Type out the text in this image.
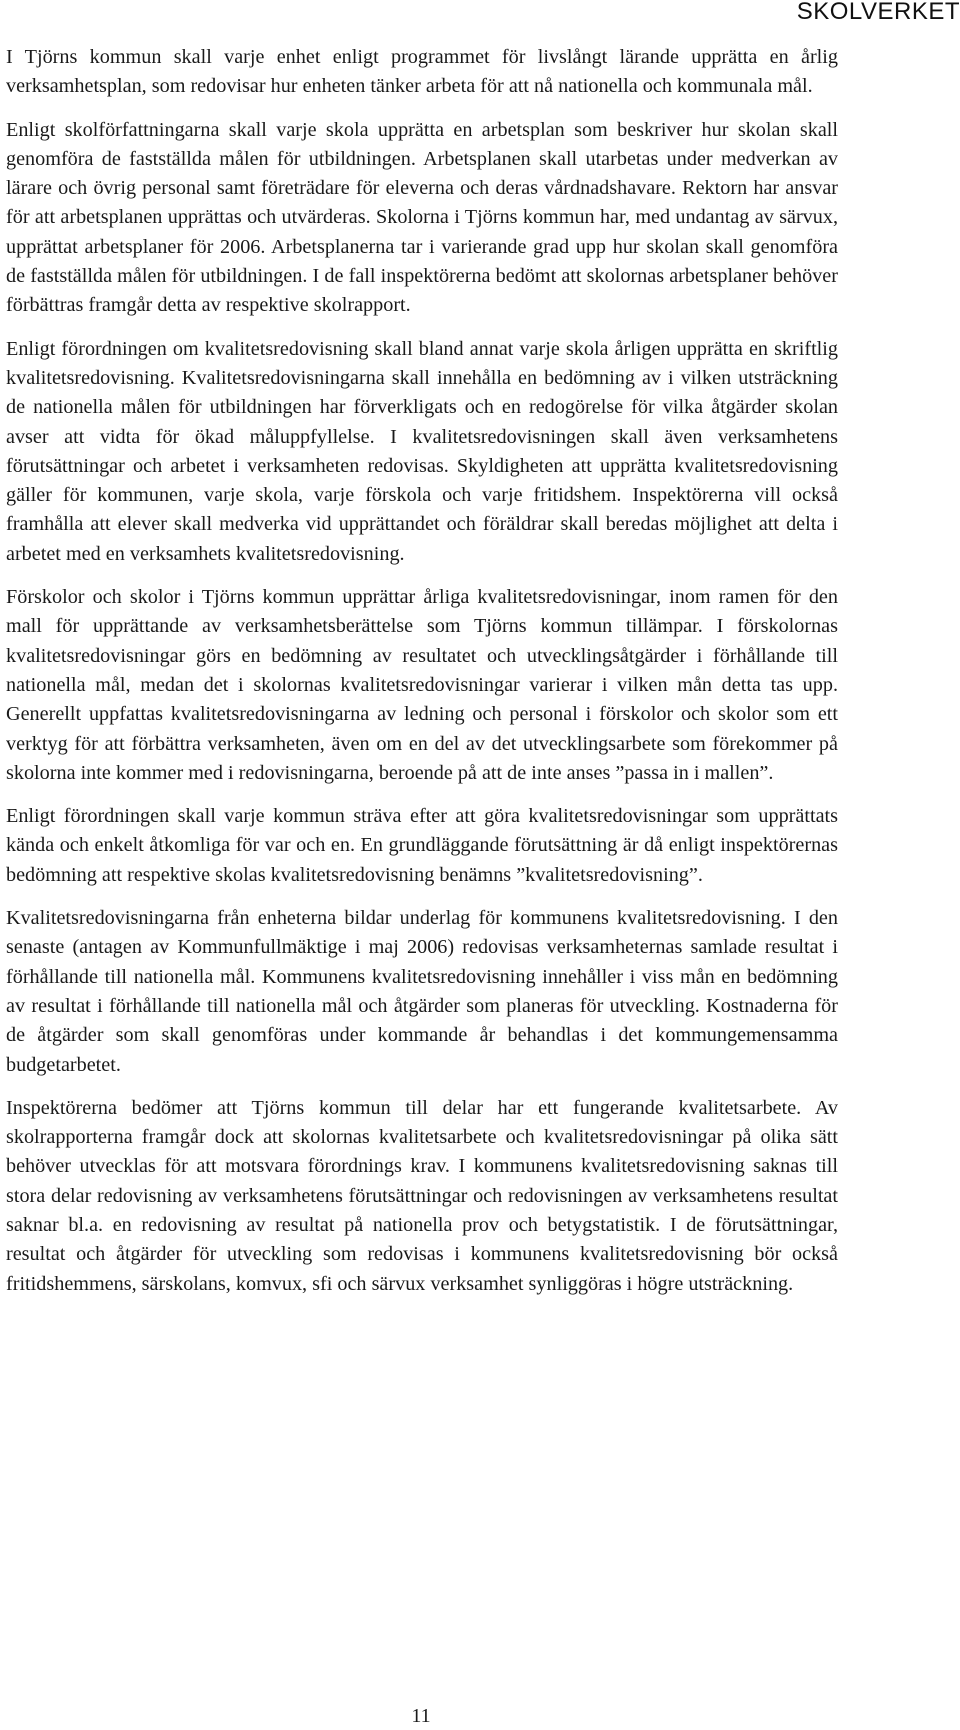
SKOLVERKET

I Tjörns kommun skall varje enhet enligt programmet för livslångt lärande upprätta en årlig verksamhetsplan, som redovisar hur enheten tänker arbeta för att nå nationella och kommunala mål.

Enligt skolförfattningarna skall varje skola upprätta en arbetsplan som beskriver hur skolan skall genomföra de fastställda målen för utbildningen. Arbetsplanen skall utarbetas under medverkan av lärare och övrig personal samt företrädare för eleverna och deras vårdnadshavare. Rektorn har ansvar för att arbetsplanen upprättas och utvärderas. Skolorna i Tjörns kommun har, med undantag av särvux, upprättat arbetsplaner för 2006. Arbetsplanerna tar i varierande grad upp hur skolan skall genomföra de fastställda målen för utbildningen. I de fall inspektörerna bedömt att skolornas arbetsplaner behöver förbättras framgår detta av respektive skolrapport.

Enligt förordningen om kvalitetsredovisning skall bland annat varje skola årligen upprätta en skriftlig kvalitetsredovisning. Kvalitetsredovisningarna skall innehålla en bedömning av i vilken utsträckning de nationella målen för utbildningen har förverkligats och en redogörelse för vilka åtgärder skolan avser att vidta för ökad måluppfyllelse. I kvalitetsredovisningen skall även verksamhetens förutsättningar och arbetet i verksamheten redovisas. Skyldigheten att upprätta kvalitetsredovisning gäller för kommunen, varje skola, varje förskola och varje fritidshem. Inspektörerna vill också framhålla att elever skall medverka vid upprättandet och föräldrar skall beredas möjlighet att delta i arbetet med en verksamhets kvalitetsredovisning.

Förskolor och skolor i Tjörns kommun upprättar årliga kvalitetsredovisningar, inom ramen för den mall för upprättande av verksamhetsberättelse som Tjörns kommun tillämpar. I förskolornas kvalitetsredovisningar görs en bedömning av resultatet och utvecklingsåtgärder i förhållande till nationella mål, medan det i skolornas kvalitetsredovisningar varierar i vilken mån detta tas upp. Generellt uppfattas kvalitetsredovisningarna av ledning och personal i förskolor och skolor som ett verktyg för att förbättra verksamheten, även om en del av det utvecklingsarbete som förekommer på skolorna inte kommer med i redovisningarna, beroende på att de inte anses ”passa in i mallen”.

Enligt förordningen skall varje kommun sträva efter att göra kvalitetsredovisningar som upprättats kända och enkelt åtkomliga för var och en. En grundläggande förutsättning är då enligt inspektörernas bedömning att respektive skolas kvalitetsredovisning benämns ”kvalitetsredovisning”.

Kvalitetsredovisningarna från enheterna bildar underlag för kommunens kvalitetsredovisning. I den senaste (antagen av Kommunfullmäktige i maj 2006) redovisas verksamheternas samlade resultat i förhållande till nationella mål. Kommunens kvalitetsredovisning innehåller i viss mån en bedömning av resultat i förhållande till nationella mål och åtgärder som planeras för utveckling. Kostnaderna för de åtgärder som skall genomföras under kommande år behandlas i det kommungemensamma budgetarbetet.

Inspektörerna bedömer att Tjörns kommun till delar har ett fungerande kvalitetsarbete. Av skolrapporterna framgår dock att skolornas kvalitetsarbete och kvalitetsredovisningar på olika sätt behöver utvecklas för att motsvara förordnings krav. I kommunens kvalitetsredovisning saknas till stora delar redovisning av verksamhetens förutsättningar och redovisningen av verksamhetens resultat saknar bl.a. en redovisning av resultat på nationella prov och betygstatistik. I de förutsättningar, resultat och åtgärder för utveckling som redovisas i kommunens kvalitetsredovisning bör också fritidshemmens, särskolans, komvux, sfi och särvux verksamhet synliggöras i högre utsträckning.

11
